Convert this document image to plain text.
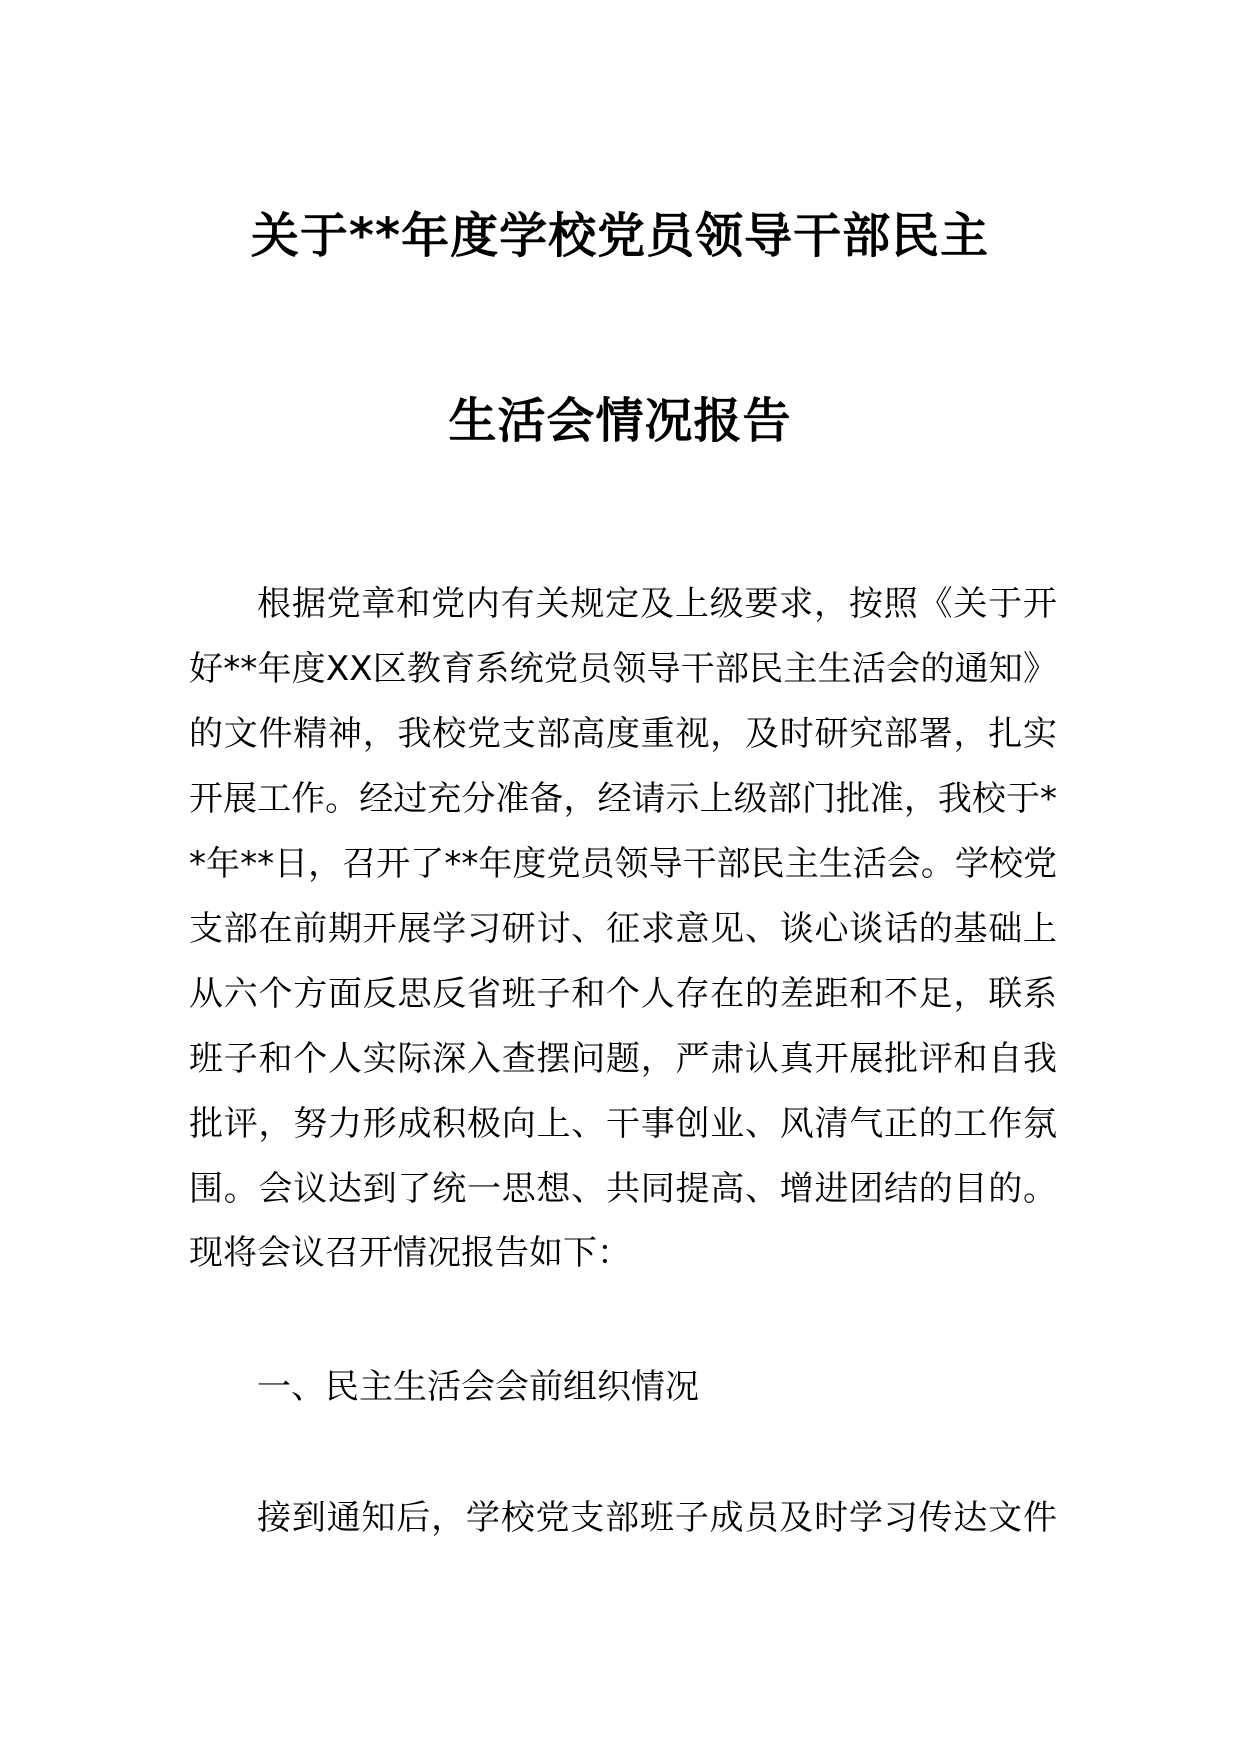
关于**年度学校党员领导干部民主
生活会情况报告
根据党章和党内有关规定及上级要求，按照《关于开
好**年度XX区教育系统党员领导干部民主生活会的通知》
的文件精神，我校党支部高度重视，及时研究部署，扎实
开展工作。经过充分准备，经请示上级部门批准，我校于*
*年**日，召开了**年度党员领导干部民主生活会。学校党
支部在前期开展学习研讨、征求意见、谈心谈话的基础上
从六个方面反思反省班子和个人存在的差距和不足，联系
班子和个人实际深入查摆问题，严肃认真开展批评和自我
批评，努力形成积极向上、干事创业、风清气正的工作氛
围。会议达到了统一思想、共同提高、增进团结的目的。
现将会议召开情况报告如下：
一、民主生活会会前组织情况
接到通知后，学校党支部班子成员及时学习传达文件
